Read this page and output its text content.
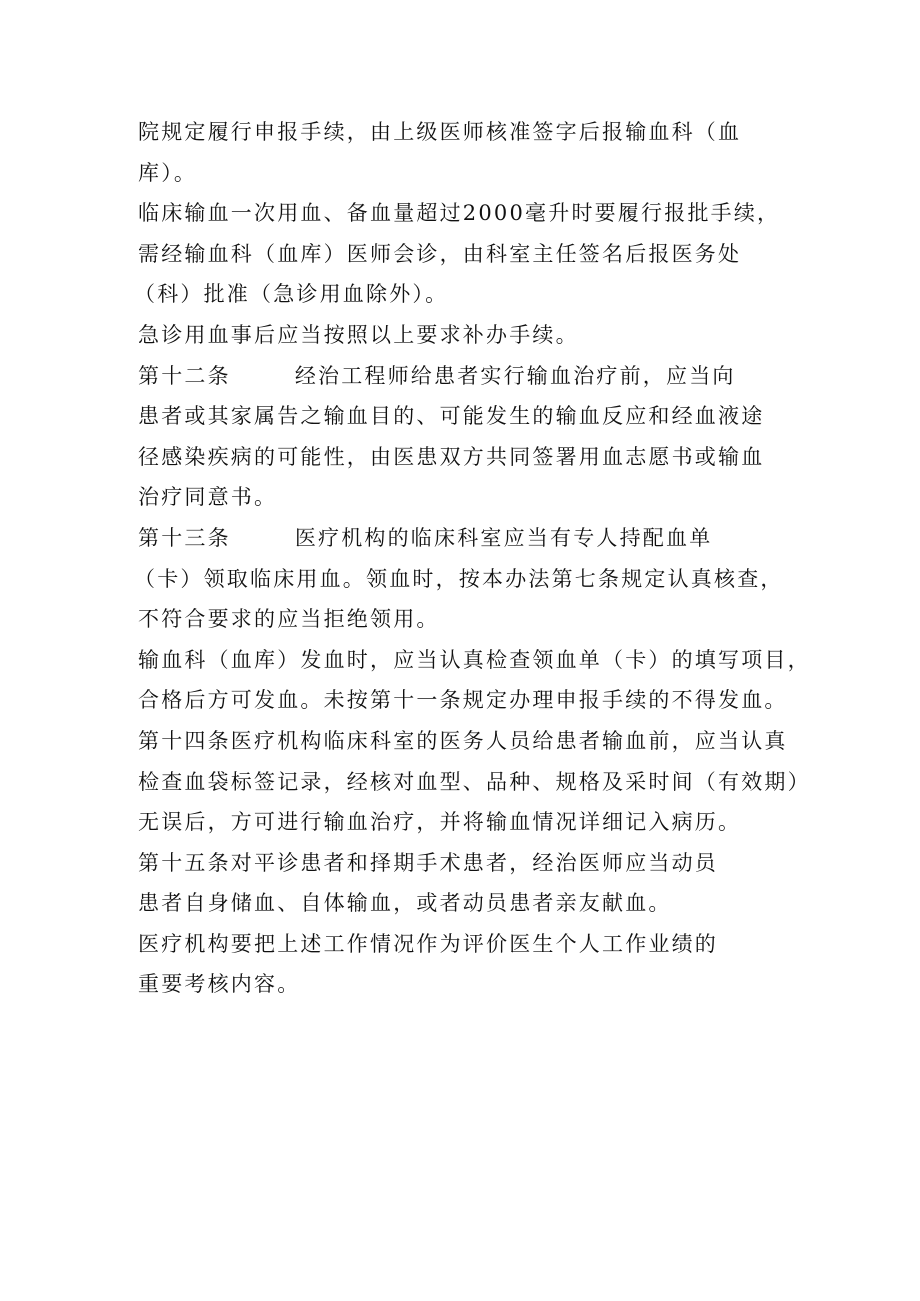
院规定履行申报手续，由上级医师核准签字后报输血科（血
库）。
临床输血一次用血、备血量超过2000毫升时要履行报批手续，
需经输血科（血库）医师会诊，由科室主任签名后报医务处
（科）批准（急诊用血除外）。
急诊用血事后应当按照以上要求补办手续。
第十二条	经治工程师给患者实行输血治疗前，应当向
患者或其家属告之输血目的、可能发生的输血反应和经血液途
径感染疾病的可能性，由医患双方共同签署用血志愿书或输血
治疗同意书。
第十三条	医疗机构的临床科室应当有专人持配血单
（卡）领取临床用血。领血时，按本办法第七条规定认真核查，
不符合要求的应当拒绝领用。
输血科（血库）发血时，应当认真检查领血单（卡）的填写项目，
合格后方可发血。未按第十一条规定办理申报手续的不得发血。
第十四条医疗机构临床科室的医务人员给患者输血前，应当认真
检查血袋标签记录，经核对血型、品种、规格及采时间（有效期）
无误后，方可进行输血治疗，并将输血情况详细记入病历。
第十五条对平诊患者和择期手术患者，经治医师应当动员
患者自身储血、自体输血，或者动员患者亲友献血。
医疗机构要把上述工作情况作为评价医生个人工作业绩的
重要考核内容。
